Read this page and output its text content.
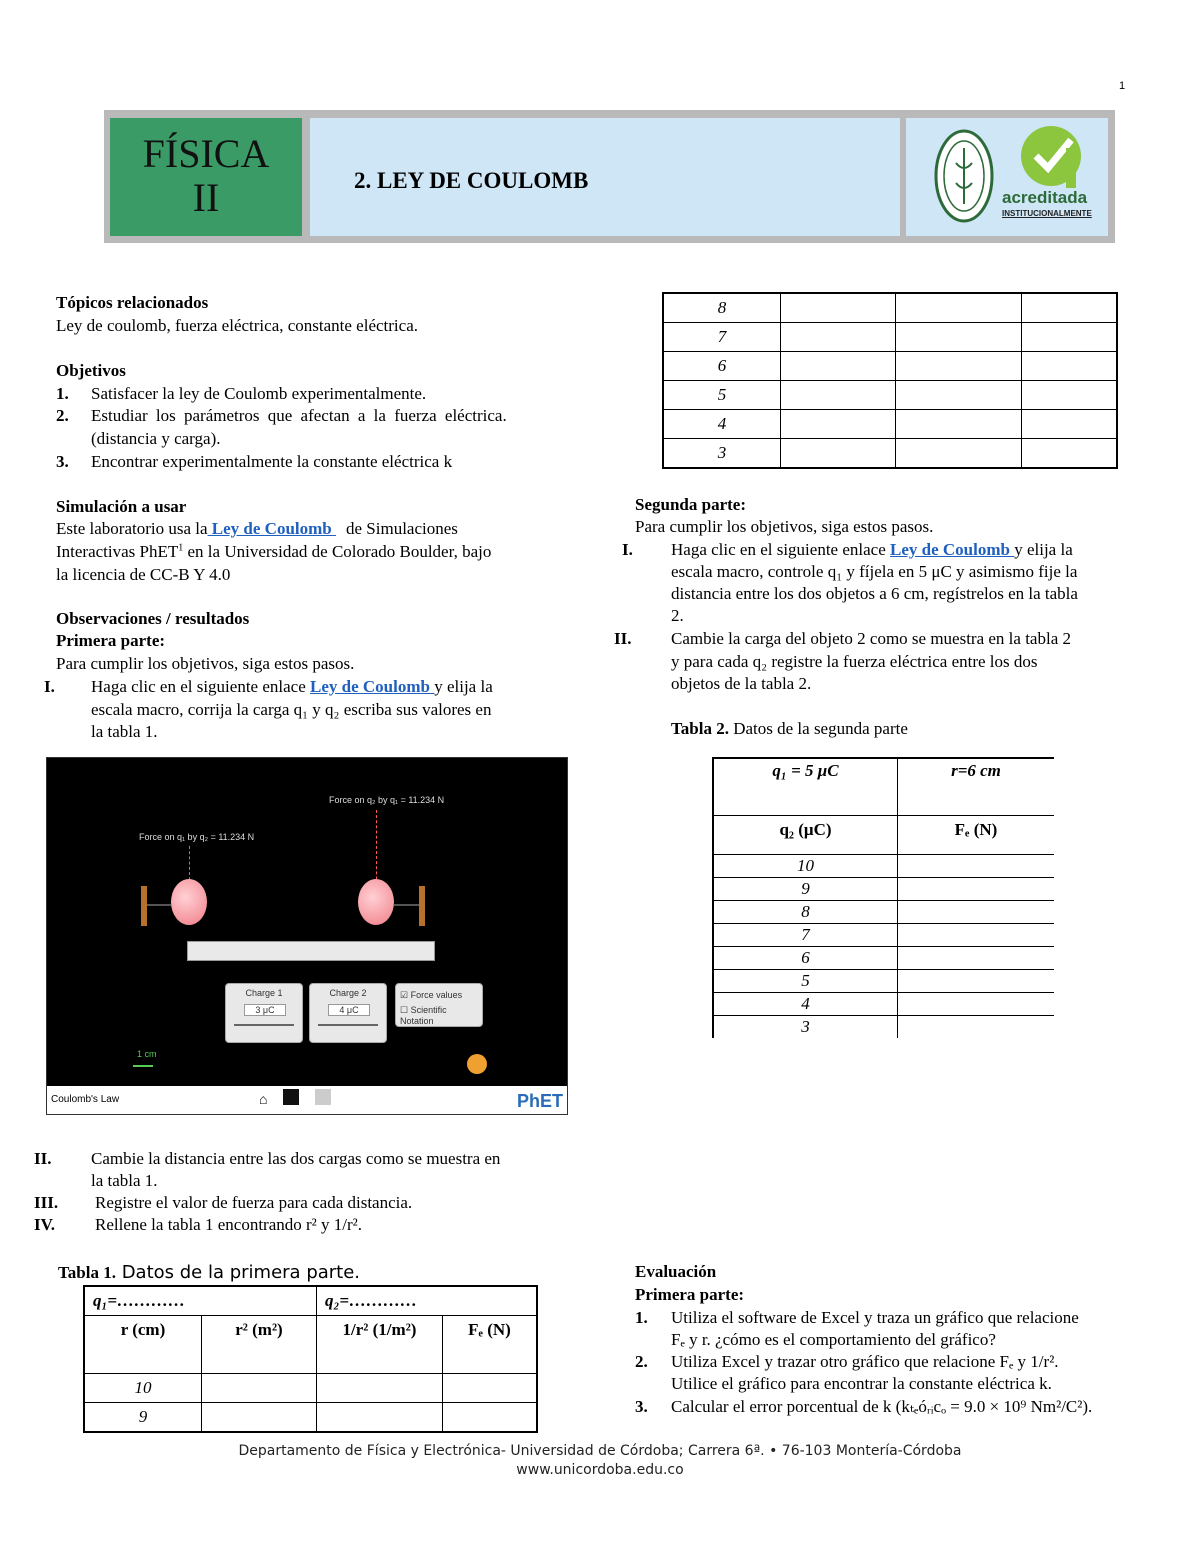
1
FÍSICA
II	2. LEY DE COULOMB
acreditada
INSTITUCIONALMENTE
Tópicos relacionados
Ley de coulomb, fuerza eléctrica, constante eléctrica.
Objetivos
1. Satisfacer la ley de Coulomb experimentalmente.
2. Estudiar los parámetros que afectan a la fuerza eléctrica.
(distancia y carga).
3. Encontrar experimentalmente la constante eléctrica k
Simulación a usar
Este laboratorio usa la Ley de Coulomb de Simulaciones
Interactivas PhET$^1$ en la Universidad de Colorado Boulder, bajo
la licencia de CC-B Y 4.0
Observaciones / resultados
Primera parte:
Para cumplir los objetivos, siga estos pasos.
I. Haga clic en el siguiente enlace Ley de Coulomb y elija la
escala macro, corrija la carga q₁ y q₂ escriba sus valores en
la tabla 1.
Force on q₂ by q₁ = 11.234 N
Force on q₁ by q₂ = 11.234 N
Charge 1
3 μC
Charge 2
4 μC
☑ Force values
☐ Scientific Notation
1 cm
Coulomb's Law	⌂	PhET
II. Cambie la distancia entre las dos cargas como se muestra en
la tabla 1.
III. Registre el valor de fuerza para cada distancia.
IV. Rellene la tabla 1 encontrando r² y 1/r².
Tabla 1. Datos de la primera parte.
q₁=…………		q₂=…………	
r (cm)	r² (m²)	1/r² (1/m²)	Fₑ (N)
10			
9			
8			
7			
6			
5			
4			
3			
Segunda parte:
Para cumplir los objetivos, siga estos pasos.
I. Haga clic en el siguiente enlace Ley de Coulomb y elija la
escala macro, controle q₁ y fíjela en 5 μC y asimismo fije la
distancia entre los dos objetos a 6 cm, regístrelos en la tabla
2.
II. Cambie la carga del objeto 2 como se muestra en la tabla 2
y para cada q₂ registre la fuerza eléctrica entre los dos
objetos de la tabla 2.
Tabla 2. Datos de la segunda parte
q₁ = 5 μC	r=6 cm
q₂ (μC)	Fₑ (N)
10	
9	
8	
7	
6	
5	
4	
3	
Evaluación
Primera parte:
1. Utiliza el software de Excel y traza un gráfico que relacione
Fₑ y r. ¿cómo es el comportamiento del gráfico?
2. Utiliza Excel y trazar otro gráfico que relacione Fₑ y 1/r².
Utilice el gráfico para encontrar la constante eléctrica k.
3. Calcular el error porcentual de k (kₜₑóᵣᵢcₒ = 9.0 × 10⁹ Nm²/C²).
Departamento de Física y Electrónica- Universidad de Córdoba; Carrera 6ª. • 76-103 Montería-Córdoba
www.unicordoba.edu.co
